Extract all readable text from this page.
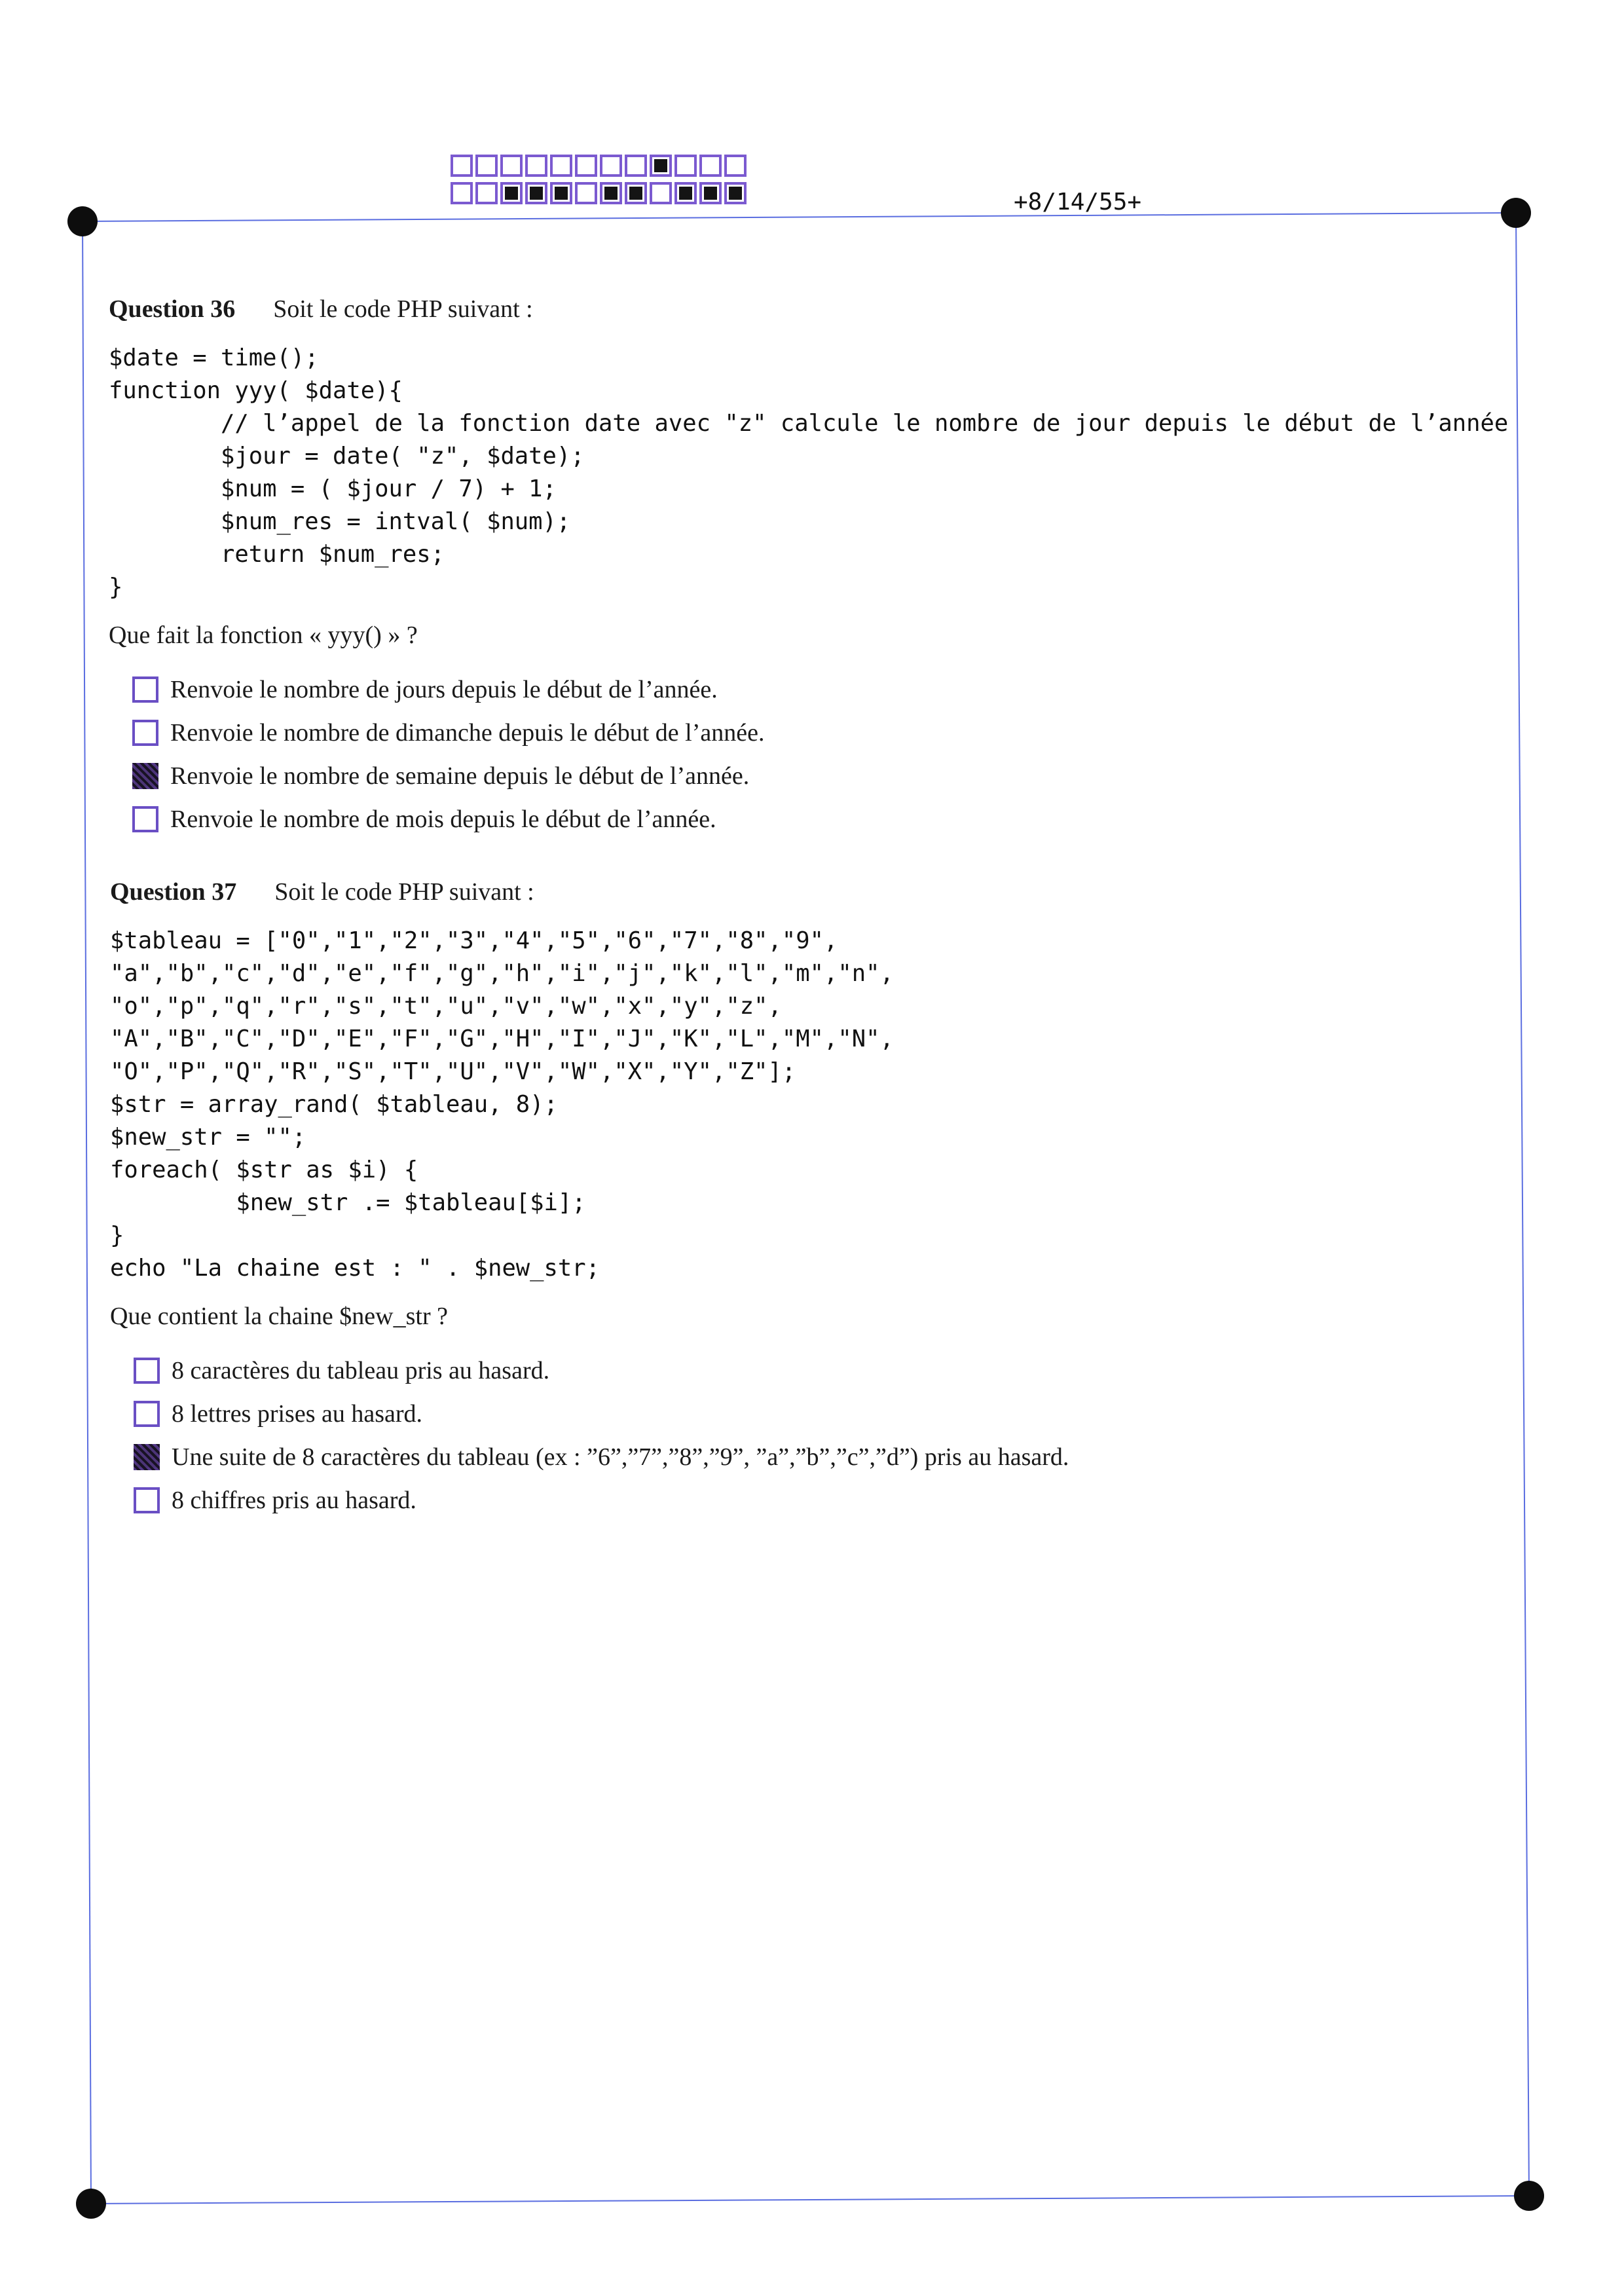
+8/14/55+
Question 36 Soit le code PHP suivant :
$date = time();
function yyy( $date){
// l’appel de la fonction date avec "z" calcule le nombre de jour depuis le début de l’année
$jour = date( "z", $date);
$num = ( $jour / 7) + 1;
$num_res = intval( $num);
return $num_res;
}
Que fait la fonction « yyy() » ?
Renvoie le nombre de jours depuis le début de l’année.
Renvoie le nombre de dimanche depuis le début de l’année.
Renvoie le nombre de semaine depuis le début de l’année.
Renvoie le nombre de mois depuis le début de l’année.
Question 37 Soit le code PHP suivant :
$tableau = ["0","1","2","3","4","5","6","7","8","9",
"a","b","c","d","e","f","g","h","i","j","k","l","m","n",
"o","p","q","r","s","t","u","v","w","x","y","z",
"A","B","C","D","E","F","G","H","I","J","K","L","M","N",
"O","P","Q","R","S","T","U","V","W","X","Y","Z"];
$str = array_rand( $tableau, 8);
$new_str = "";
foreach( $str as $i) {
$new_str .= $tableau[$i];
}
echo "La chaine est : " . $new_str;
Que contient la chaine $new_str ?
8 caractères du tableau pris au hasard.
8 lettres prises au hasard.
Une suite de 8 caractères du tableau (ex : ”6”,”7”,”8”,”9”, ”a”,”b”,”c”,”d”) pris au hasard.
8 chiffres pris au hasard.
